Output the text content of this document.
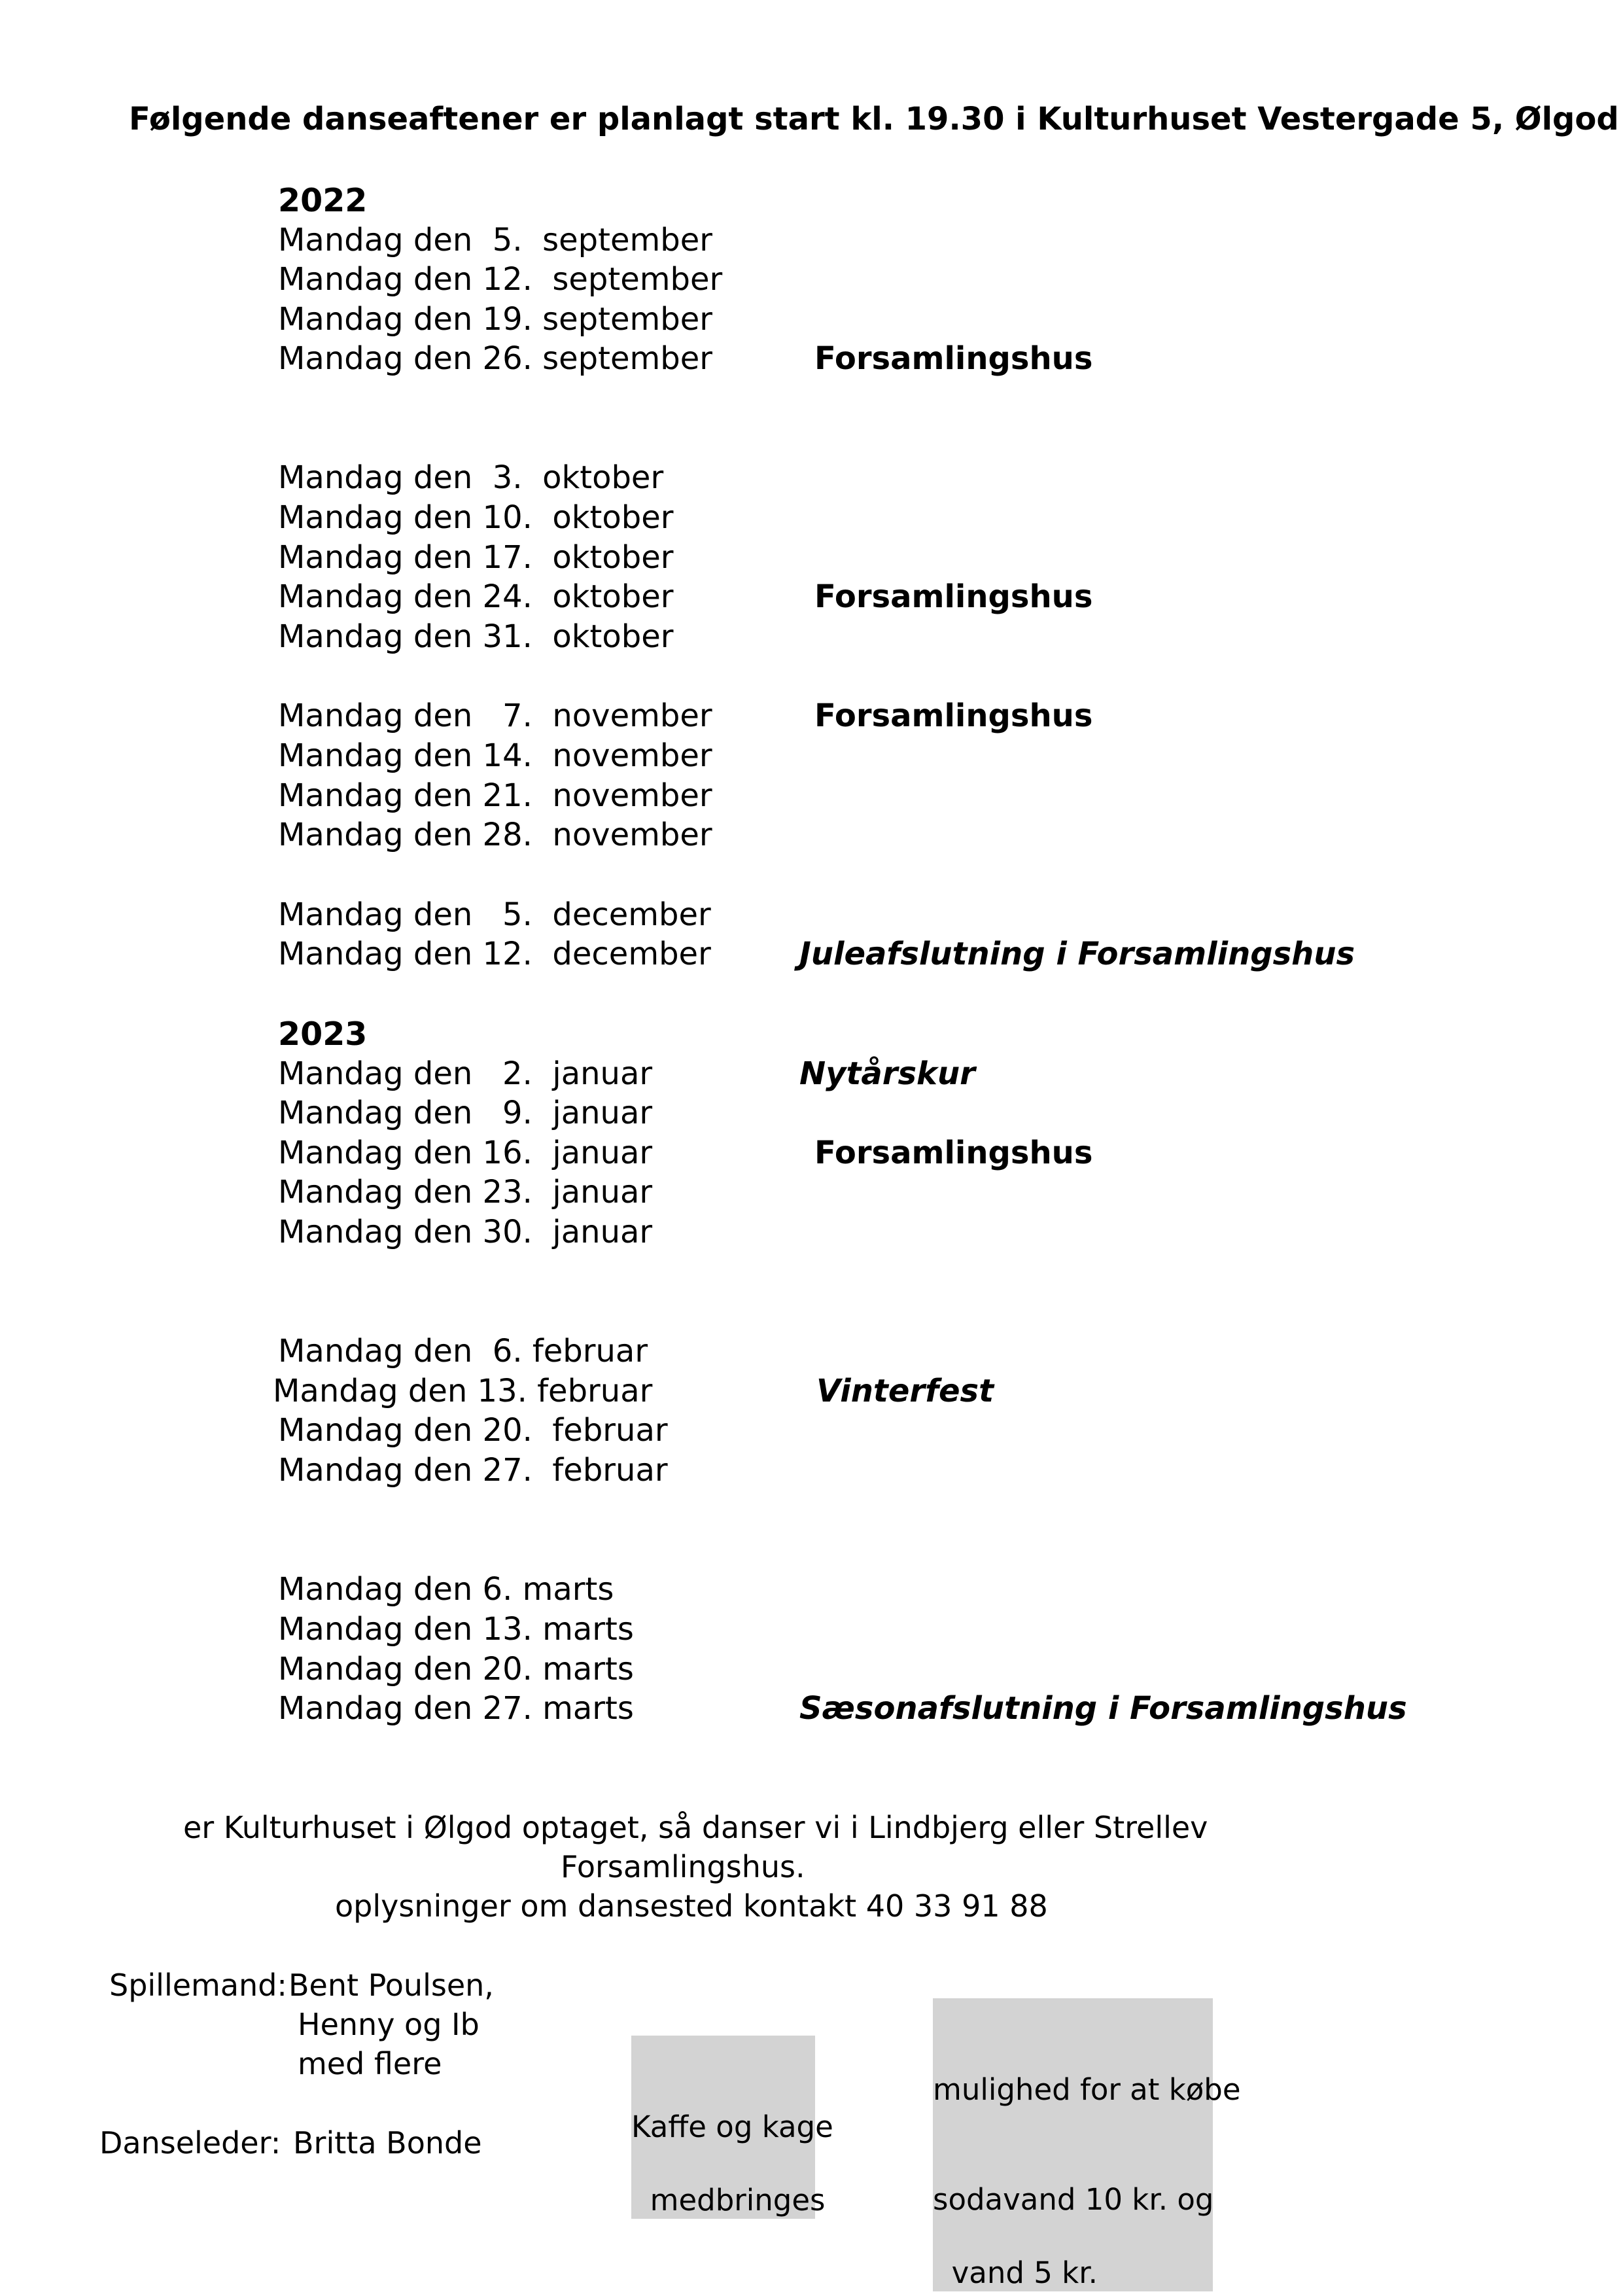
Følgende danseaftener er planlagt start kl. 19.30 i Kulturhuset Vestergade 5, Ølgod
2022
Mandag den  5.  september
Mandag den 12.  september
Mandag den 19. september
Mandag den 26. september	Forsamlingshus
Mandag den  3.  oktober
Mandag den 10.  oktober
Mandag den 17.  oktober
Mandag den 24.  oktober	Forsamlingshus
Mandag den 31.  oktober
Mandag den   7.  november	Forsamlingshus
Mandag den 14.  november
Mandag den 21.  november
Mandag den 28.  november
Mandag den   5.  december
Mandag den 12.  december	Juleafslutning i Forsamlingshus
2023
Mandag den   2.  januar	Nytårskur
Mandag den   9.  januar
Mandag den 16.  januar	Forsamlingshus
Mandag den 23.  januar
Mandag den 30.  januar
Mandag den  6. februar
Mandag den 13. februar	Vinterfest
Mandag den 20.  februar
Mandag den 27.  februar
Mandag den 6. marts
Mandag den 13. marts
Mandag den 20. marts
Mandag den 27. marts	Sæsonafslutning i Forsamlingshus
er Kulturhuset i Ølgod optaget, så danser vi i Lindbjerg eller Strellev
Forsamlingshus.
oplysninger om dansested kontakt 40 33 91 88
Spillemand: Bent Poulsen,
Henny og Ib
med flere

Kaffe og kage

medbringes

mulighed for at købe

sodavand 10 kr. og

vand 5 kr.

Danseleder: Britta Bonde
